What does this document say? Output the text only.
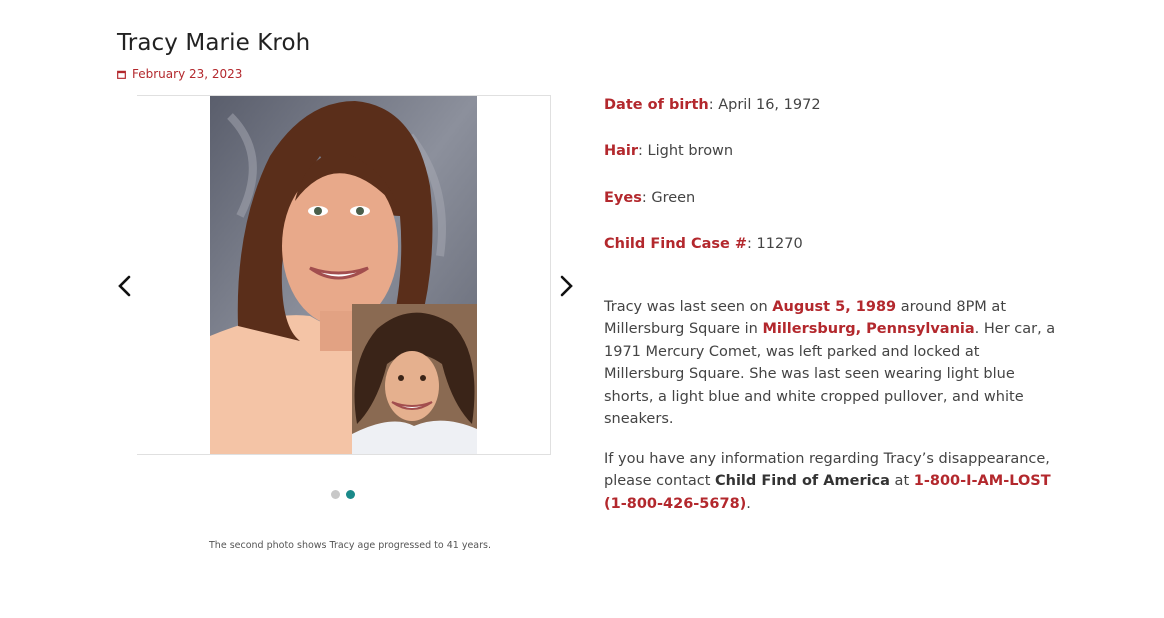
Tracy Marie Kroh
February 23, 2023
The second photo shows Tracy age progressed to 41 years.
Date of birth: April 16, 1972
Hair: Light brown
Eyes: Green
Child Find Case #: 11270

Tracy was last seen on August 5, 1989 around 8PM at Millersburg Square in Millersburg, Pennsylvania. Her car, a 1971 Mercury Comet, was left parked and locked at Millersburg Square. She was last seen wearing light blue shorts, a light blue and white cropped pullover, and white sneakers.

If you have any information regarding Tracy’s disappearance, please contact Child Find of America at 1-800-I-AM-LOST (1-800-426-5678).
